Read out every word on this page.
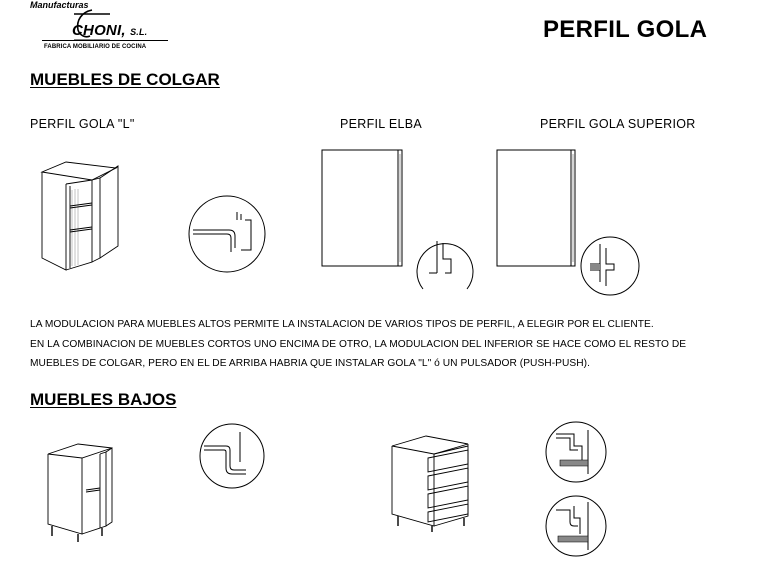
Manufacturas
CHONI, S.L.
FABRICA MOBILIARIO DE COCINA
PERFIL GOLA
MUEBLES DE COLGAR
PERFIL GOLA "L"	PERFIL ELBA	PERFIL GOLA SUPERIOR
LA MODULACION PARA MUEBLES ALTOS PERMITE LA INSTALACION DE VARIOS TIPOS DE PERFIL, A ELEGIR POR EL CLIENTE.
EN LA COMBINACION DE MUEBLES CORTOS UNO ENCIMA DE OTRO, LA MODULACION DEL INFERIOR SE HACE COMO EL RESTO DE
MUEBLES DE COLGAR, PERO EN EL DE ARRIBA HABRIA QUE INSTALAR GOLA "L" ó UN PULSADOR (PUSH-PUSH).
MUEBLES BAJOS
